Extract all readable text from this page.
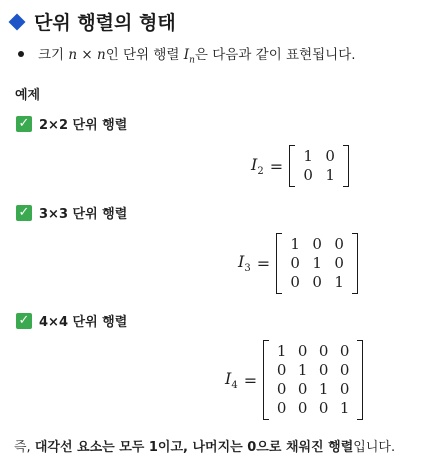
단위 행렬의 형태
크기 n × n인 단위 행렬 $I_n$은 다음과 같이 표현됩니다.
예제
✓ 2×2 단위 행렬
$I_2$ =
1 0
0 1
✓ 3×3 단위 행렬
$I_3$ =
1 0 0
0 1 0
0 0 1
✓ 4×4 단위 행렬
$I_4$ =
1 0 0 0
0 1 0 0
0 0 1 0
0 0 0 1
즉, 대각선 요소는 모두 1이고, 나머지는 0으로 채워진 행렬입니다.
